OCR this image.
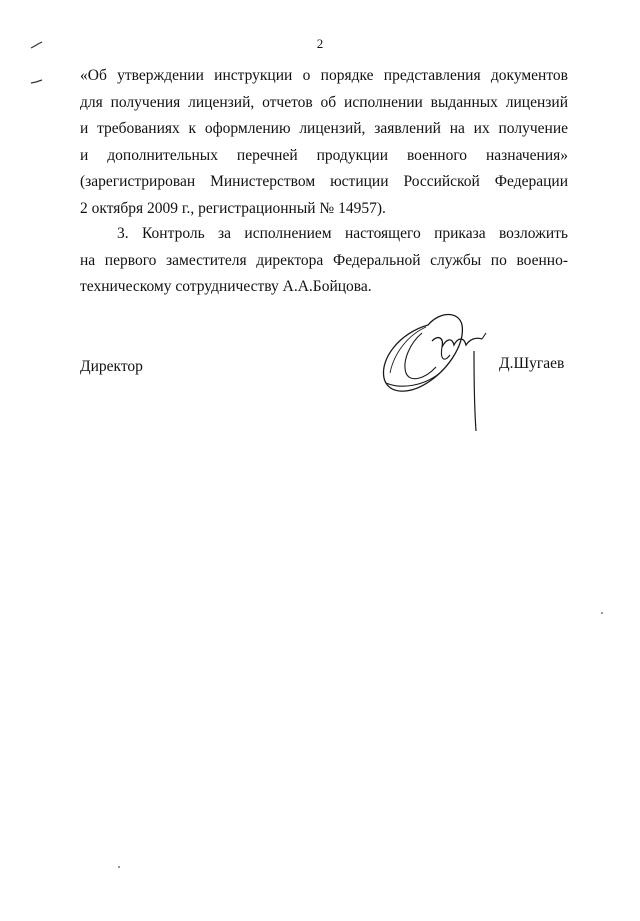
2
«Об утверждении инструкции о порядке представления документов
для получения лицензий, отчетов об исполнении выданных лицензий
и требованиях к оформлению лицензий, заявлений на их получение
и дополнительных перечней продукции военного назначения»
(зарегистрирован Министерством юстиции Российской Федерации
2 октября 2009 г., регистрационный № 14957).
3. Контроль за исполнением настоящего приказа возложить
на первого заместителя директора Федеральной службы по военно-
техническому сотрудничеству А.А.Бойцова.
Директор	Д.Шугаев
